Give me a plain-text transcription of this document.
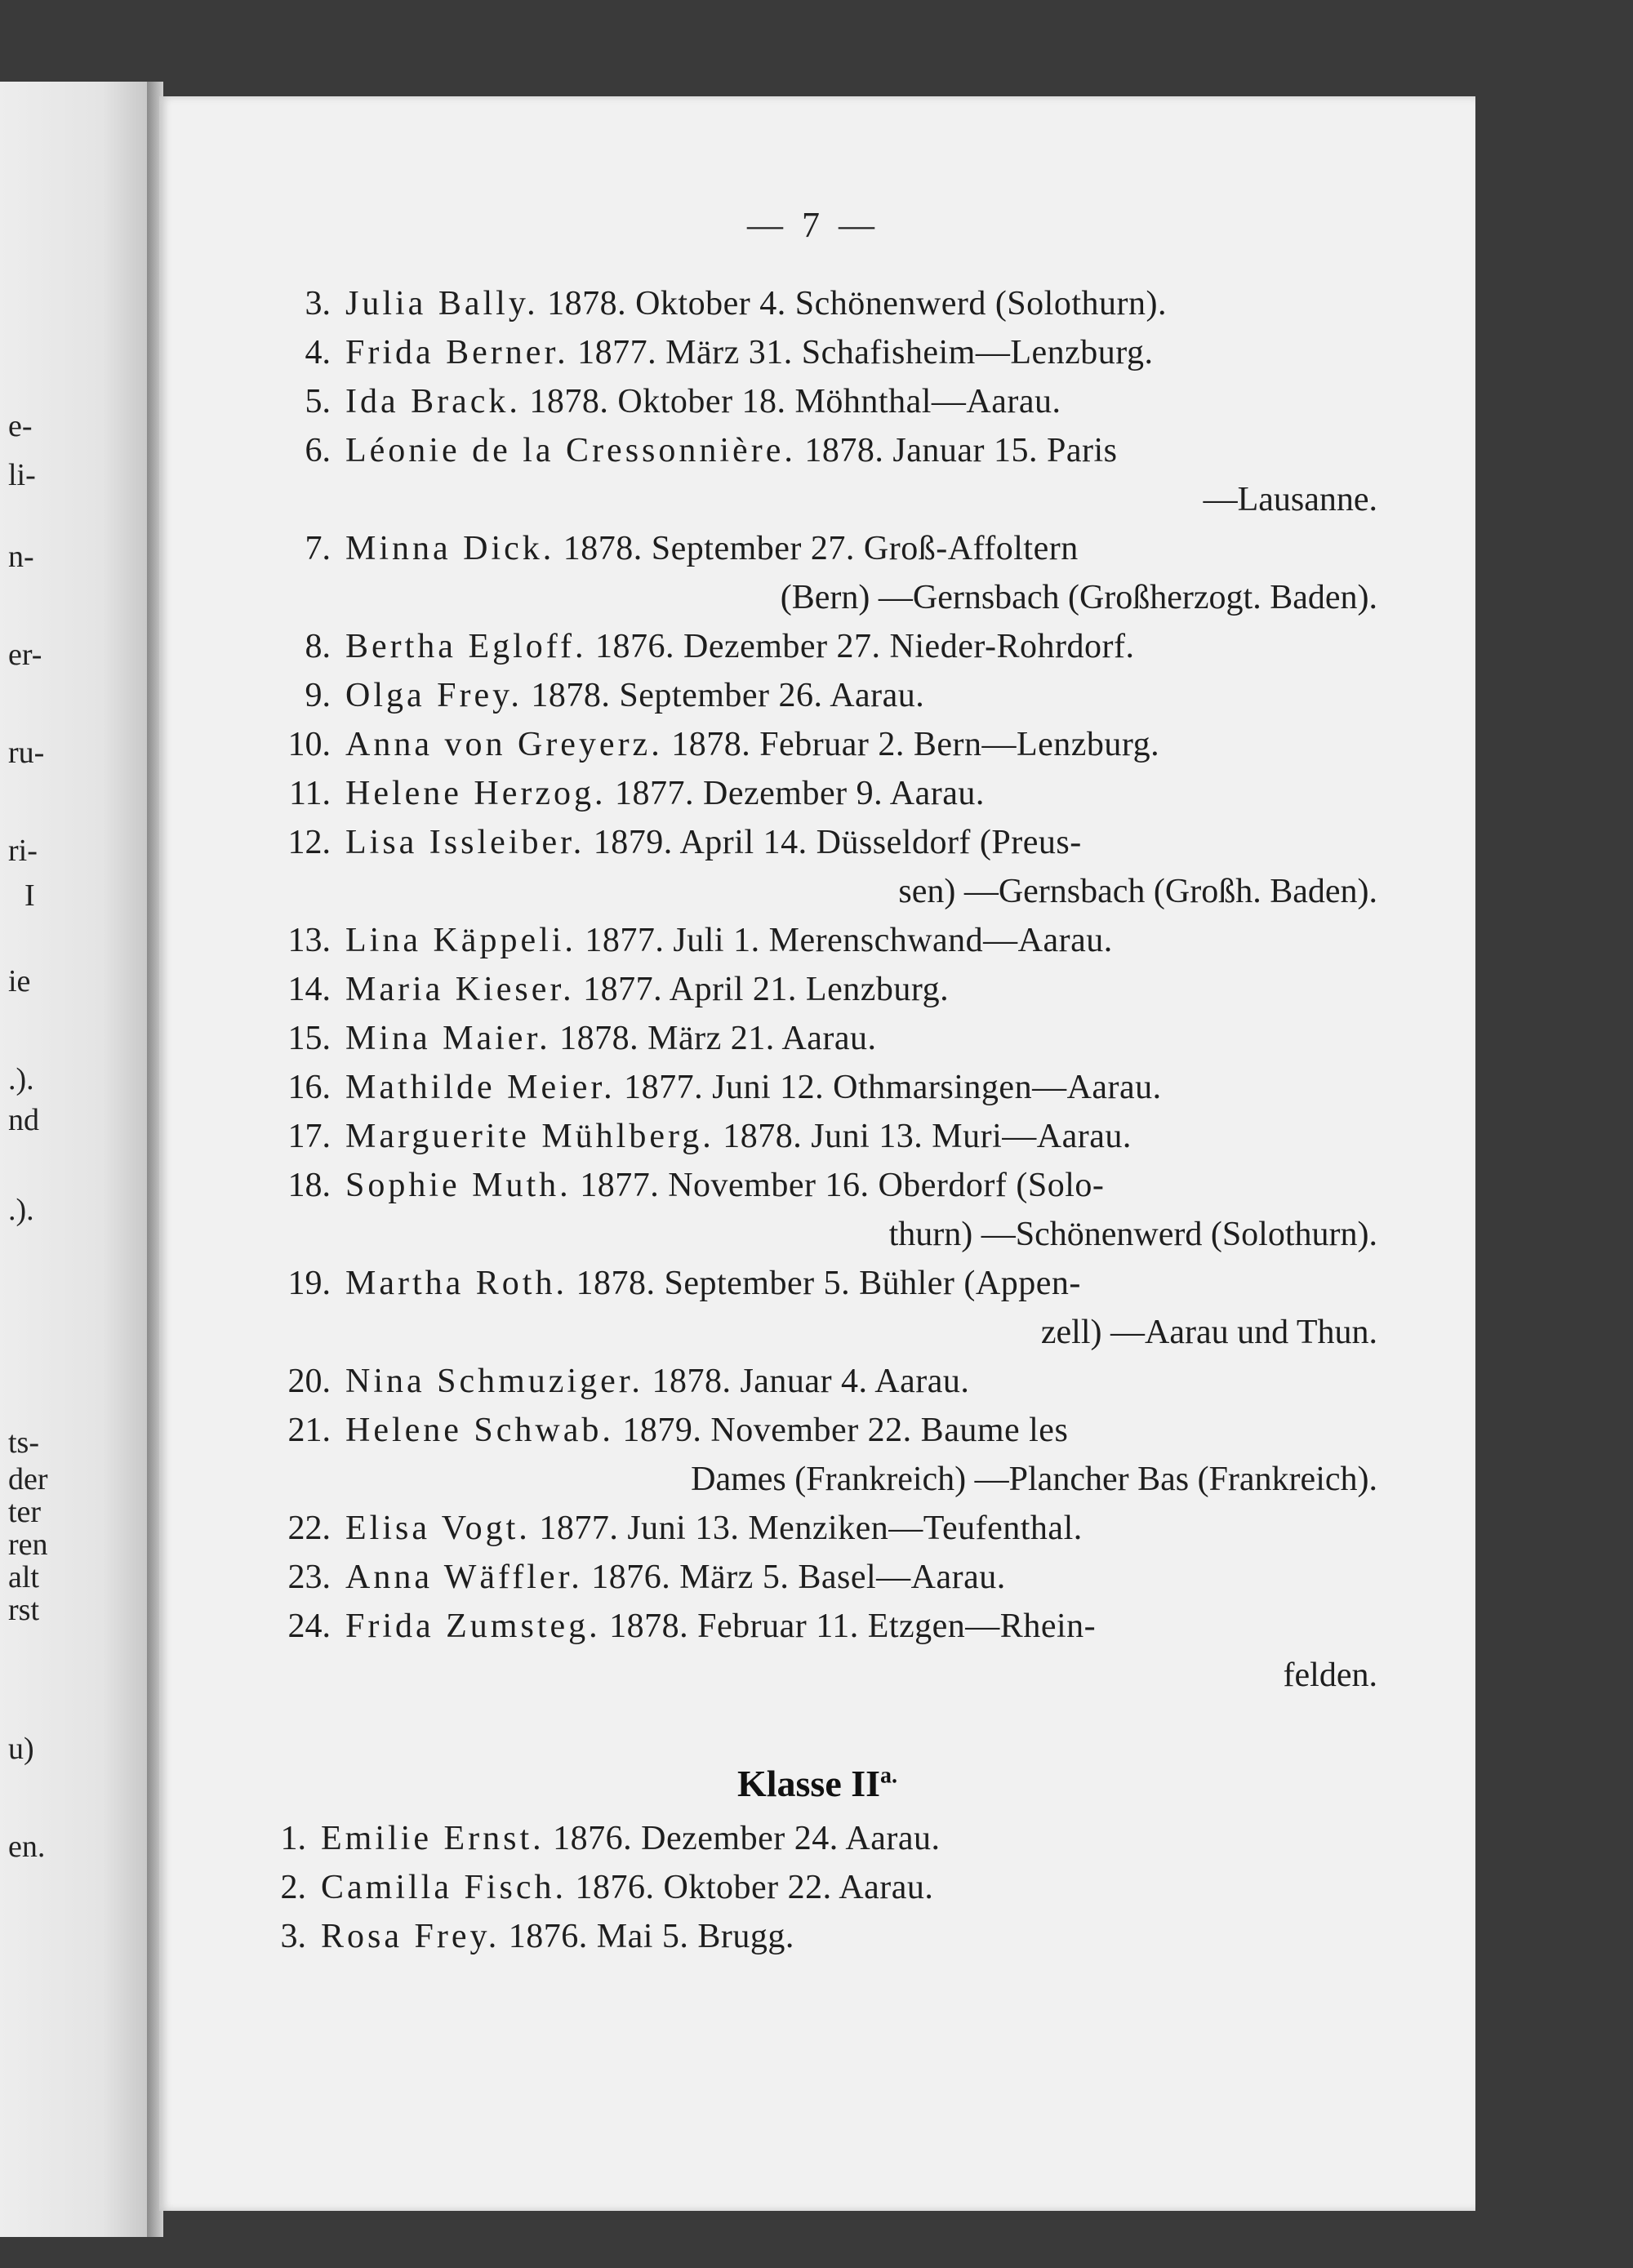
e-
li-
n-
er-
ru-
ri-
I
ie
.).
nd
.).
ts-
der
ter
ren
alt
rst
u)
en.
— 7 —
3. Julia Bally. 1878. Oktober 4. Schönenwerd (Solothurn).
4. Frida Berner. 1877. März 31. Schafisheim—Lenzburg.
5. Ida Brack. 1878. Oktober 18. Möhnthal—Aarau.
6. Léonie de la Cressonnière. 1878. Januar 15. Paris
—Lausanne.
7. Minna Dick. 1878. September 27. Groß-Affoltern
(Bern) —Gernsbach (Großherzogt. Baden).
8. Bertha Egloff. 1876. Dezember 27. Nieder-Rohrdorf.
9. Olga Frey. 1878. September 26. Aarau.
10. Anna von Greyerz. 1878. Februar 2. Bern—Lenzburg.
11. Helene Herzog. 1877. Dezember 9. Aarau.
12. Lisa Issleiber. 1879. April 14. Düsseldorf (Preus-
sen) —Gernsbach (Großh. Baden).
13. Lina Käppeli. 1877. Juli 1. Merenschwand—Aarau.
14. Maria Kieser. 1877. April 21. Lenzburg.
15. Mina Maier. 1878. März 21. Aarau.
16. Mathilde Meier. 1877. Juni 12. Othmarsingen—Aarau.
17. Marguerite Mühlberg. 1878. Juni 13. Muri—Aarau.
18. Sophie Muth. 1877. November 16. Oberdorf (Solo-
thurn) —Schönenwerd (Solothurn).
19. Martha Roth. 1878. September 5. Bühler (Appen-
zell) —Aarau und Thun.
20. Nina Schmuziger. 1878. Januar 4. Aarau.
21. Helene Schwab. 1879. November 22. Baume les
Dames (Frankreich) —Plancher Bas (Frankreich).
22. Elisa Vogt. 1877. Juni 13. Menziken—Teufenthal.
23. Anna Wäffler. 1876. März 5. Basel—Aarau.
24. Frida Zumsteg. 1878. Februar 11. Etzgen—Rhein-
felden.
Klasse $II^{a.}$
1. Emilie Ernst. 1876. Dezember 24. Aarau.
2. Camilla Fisch. 1876. Oktober 22. Aarau.
3. Rosa Frey. 1876. Mai 5. Brugg.
